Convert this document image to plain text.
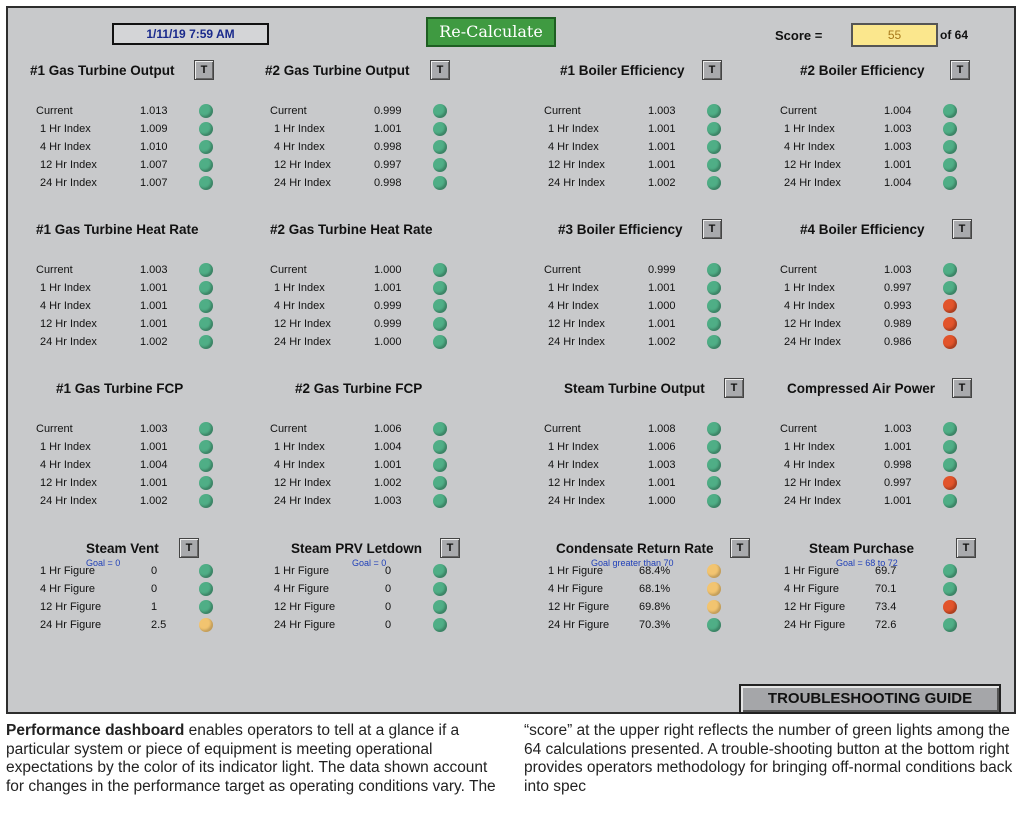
1/11/19 7:59 AM	Re-Calculate	Score =	55	of 64
#1 Gas Turbine Output	T
Current	1.013
1 Hr Index	1.009
4 Hr Index	1.010
12 Hr Index	1.007
24 Hr Index	1.007
#2 Gas Turbine Output	T
Current	0.999
1 Hr Index	1.001
4 Hr Index	0.998
12 Hr Index	0.997
24 Hr Index	0.998
#1 Boiler Efficiency	T
Current	1.003
1 Hr Index	1.001
4 Hr Index	1.001
12 Hr Index	1.001
24 Hr Index	1.002
#2 Boiler Efficiency	T
Current	1.004
1 Hr Index	1.003
4 Hr Index	1.003
12 Hr Index	1.001
24 Hr Index	1.004
#1 Gas Turbine Heat Rate
Current	1.003
1 Hr Index	1.001
4 Hr Index	1.001
12 Hr Index	1.001
24 Hr Index	1.002
#2 Gas Turbine Heat Rate
Current	1.000
1 Hr Index	1.001
4 Hr Index	0.999
12 Hr Index	0.999
24 Hr Index	1.000
#3 Boiler Efficiency	T
Current	0.999
1 Hr Index	1.001
4 Hr Index	1.000
12 Hr Index	1.001
24 Hr Index	1.002
#4 Boiler Efficiency	T
Current	1.003
1 Hr Index	0.997
4 Hr Index	0.993
12 Hr Index	0.989
24 Hr Index	0.986
#1 Gas Turbine FCP
Current	1.003
1 Hr Index	1.001
4 Hr Index	1.004
12 Hr Index	1.001
24 Hr Index	1.002
#2 Gas Turbine FCP
Current	1.006
1 Hr Index	1.004
4 Hr Index	1.001
12 Hr Index	1.002
24 Hr Index	1.003
Steam Turbine Output	T
Current	1.008
1 Hr Index	1.006
4 Hr Index	1.003
12 Hr Index	1.001
24 Hr Index	1.000
Compressed Air Power	T
Current	1.003
1 Hr Index	1.001
4 Hr Index	0.998
12 Hr Index	0.997
24 Hr Index	1.001
Steam Vent	T
Goal = 0
1 Hr Figure	0
4 Hr Figure	0
12 Hr Figure	1
24 Hr Figure	2.5
Steam PRV Letdown	T
Goal = 0
1 Hr Figure	0
4 Hr Figure	0
12 Hr Figure	0
24 Hr Figure	0
Condensate Return Rate	T
Goal greater than 70
1 Hr Figure	68.4%
4 Hr Figure	68.1%
12 Hr Figure	69.8%
24 Hr Figure	70.3%
Steam Purchase	T
Goal = 68 to 72
1 Hr Figure	69.7
4 Hr Figure	70.1
12 Hr Figure	73.4
24 Hr Figure	72.6
TROUBLESHOOTING GUIDE
Performance dashboard enables operators to tell at a glance if a particular system or piece of equipment is meeting operational expectations by the color of its indicator light. The data shown account for changes in the performance target as operating conditions vary. The
“score” at the upper right reflects the number of green lights among the 64 calculations presented. A trouble-shooting button at the bottom right provides operators methodology for bringing off-normal conditions back into spec
